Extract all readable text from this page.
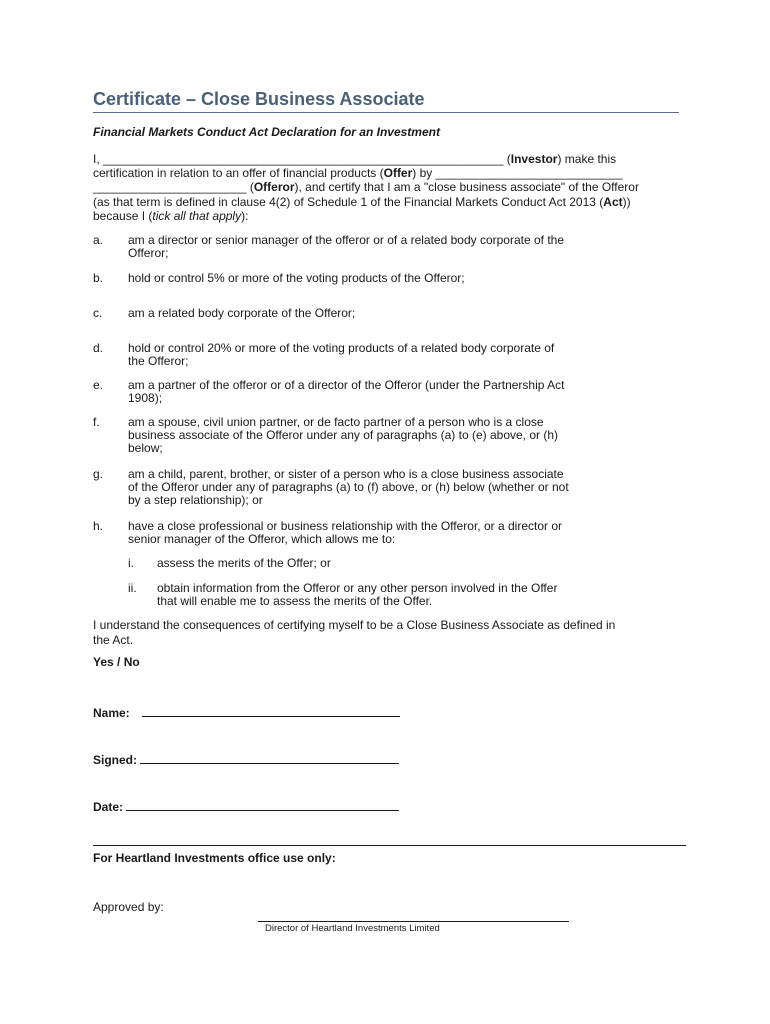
Certificate – Close Business Associate
Financial Markets Conduct Act Declaration for an Investment
I, ____________________________________________________________ (Investor) make this
certification in relation to an offer of financial products (Offer) by ____________________________
_______________________ (Offeror), and certify that I am a "close business associate" of the Offeror
(as that term is defined in clause 4(2) of Schedule 1 of the Financial Markets Conduct Act 2013 (Act))
because I (tick all that apply):
a. am a director or senior manager of the offeror or of a related body corporate of the
Offeror;
b. hold or control 5% or more of the voting products of the Offeror;
c. am a related body corporate of the Offeror;
d. hold or control 20% or more of the voting products of a related body corporate of
the Offeror;
e. am a partner of the offeror or of a director of the Offeror (under the Partnership Act
1908);
f. am a spouse, civil union partner, or de facto partner of a person who is a close
business associate of the Offeror under any of paragraphs (a) to (e) above, or (h)
below;
g. am a child, parent, brother, or sister of a person who is a close business associate
of the Offeror under any of paragraphs (a) to (f) above, or (h) below (whether or not
by a step relationship); or
h. have a close professional or business relationship with the Offeror, or a director or
senior manager of the Offeror, which allows me to:
i. assess the merits of the Offer; or
ii. obtain information from the Offeror or any other person involved in the Offer
that will enable me to assess the merits of the Offer.
I understand the consequences of certifying myself to be a Close Business Associate as defined in
the Act.
Yes / No
Name:
Signed:
Date:
For Heartland Investments office use only:
Approved by:
Director of Heartland Investments Limited
